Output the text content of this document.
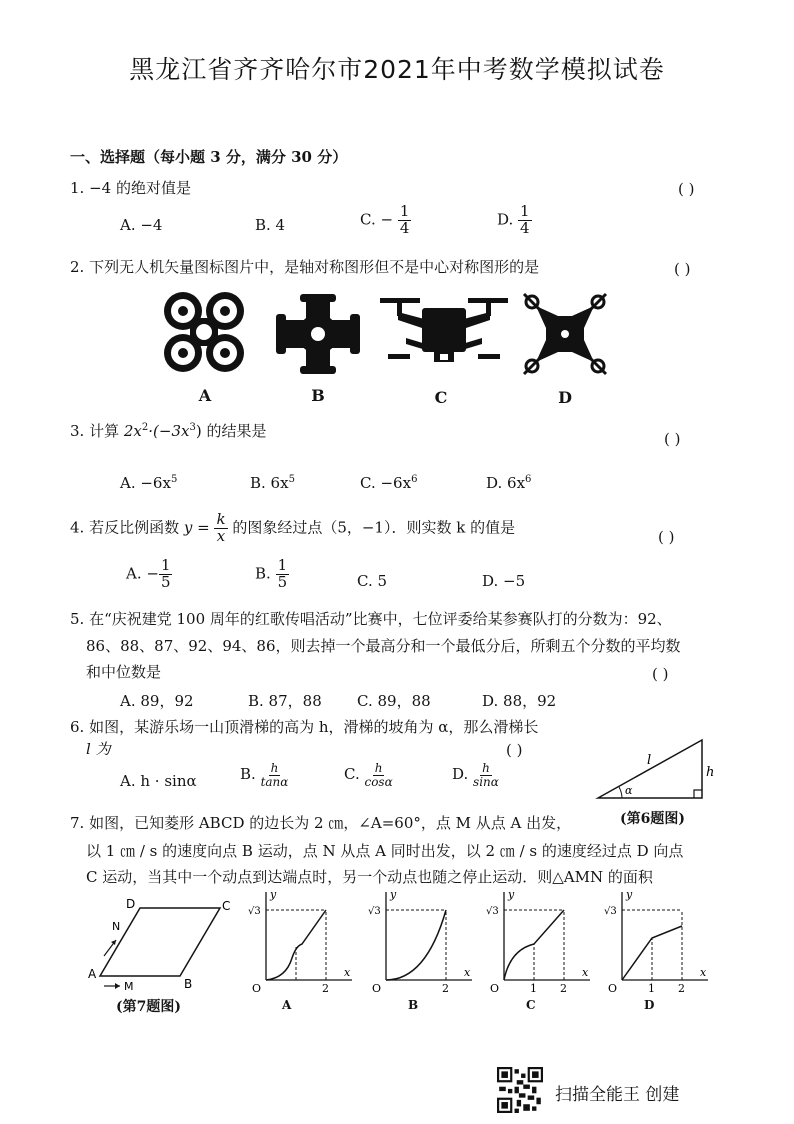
黑龙江省齐齐哈尔市2021年中考数学模拟试卷
一、选择题（每小题 3 分，满分 30 分）
1. −4 的绝对值是	( )
A. −4	B. 4	C. − $\frac{1}{4}$	D. $\frac{1}{4}$
2. 下列无人机矢量图标图片中，是轴对称图形但不是中心对称图形的是	( )
A	B	C	D
3. 计算 $2x^2\cdot(-3x^3)$ 的结果是	( )
A. $-6x^5$	B. $6x^5$	C. $-6x^6$	D. $6x^6$
4. 若反比例函数 $y = \frac{k}{x}$ 的图象经过点（5，−1）．则实数 k 的值是
( )
A. − $\frac{1}{5}$	B. $\frac{1}{5}$	C. 5	D. −5
5. 在“庆祝建党 100 周年的红歌传唱活动”比赛中，七位评委给某参赛队打的分数为：92、
86、88、87、92、94、86，则去掉一个最高分和一个最低分后，所剩五个分数的平均数
和中位数是	( )
A. 89，92	B. 87，88 C. 89，88	D. 88，92
6. 如图，某游乐场一山顶滑梯的高为 h，滑梯的坡角为 α，那么滑梯长
l 为	( )
A. h · sinα	B. $\frac{h}{\tan\alpha}$	C. $\frac{h}{\cos\alpha}$	D. $\frac{h}{\sin\alpha}$
l
h
α
(第6题图)
7. 如图，已知菱形 ABCD 的边长为 2 ㎝，∠A=60°，点 M 从点 A 出发，
以 1 ㎝ / s 的速度向点 B 运动，点 N 从点 A 同时出发，以 2 ㎝ / s 的速度经过点 D 向点
C 运动，当其中一个动点到达端点时，另一个动点也随之停止运动．则△AMN 的面积
A
B
C
D
M
N
(第7题图)
y
x
√3
O	2
A
y
x
√3
O	2
B
y
x
√3
O	1 2
C
y
x
√3
O	1 2
D
扫描全能王 创建
